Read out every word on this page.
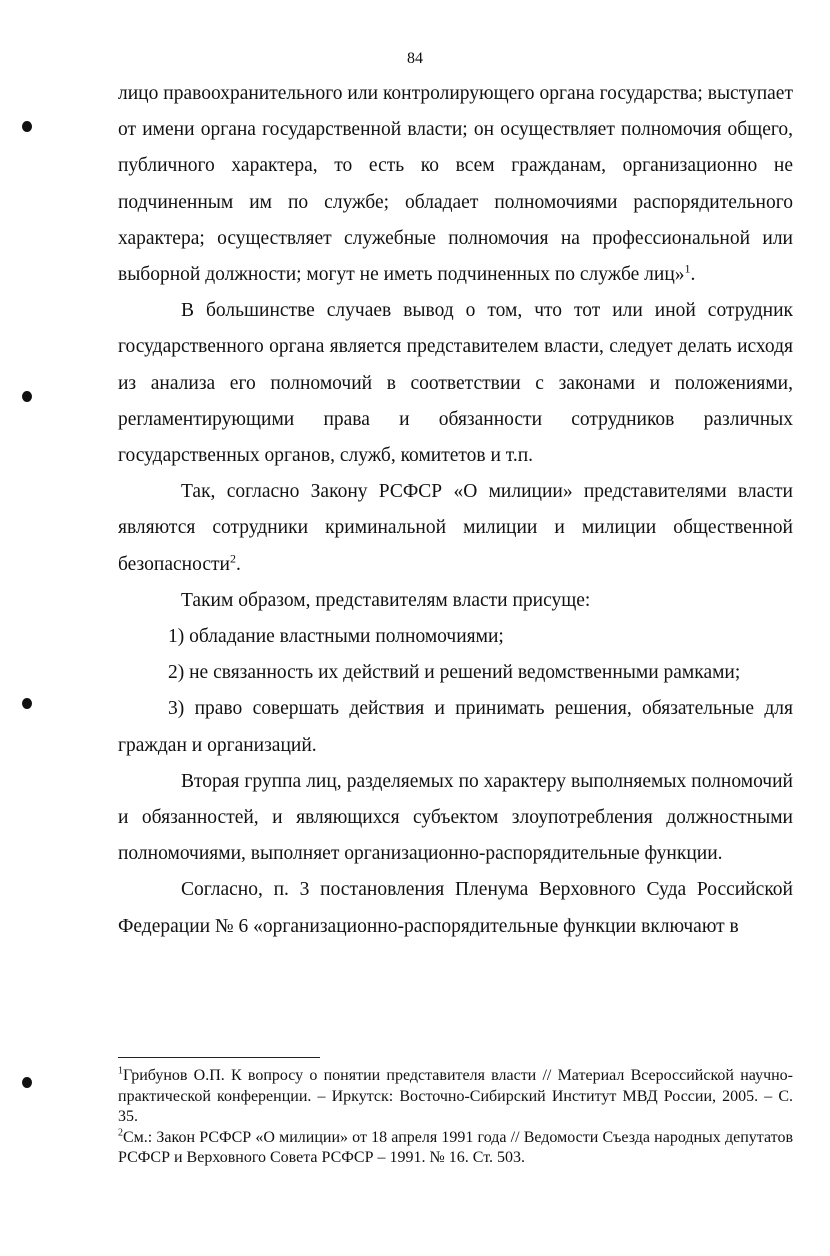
84

лицо правоохранительного или контролирующего органа государства; выступает от имени органа государственной власти; он осуществляет полномочия общего, публичного характера, то есть ко всем гражданам, организационно не подчиненным им по службе; обладает полномочиями распорядительного характера; осуществляет служебные полномочия на профессиональной или выборной должности; могут не иметь подчиненных по службе лиц»$^1$.

В большинстве случаев вывод о том, что тот или иной сотрудник государственного органа является представителем власти, следует делать исходя из анализа его полномочий в соответствии с законами и положениями, регламентирующими права и обязанности сотрудников различных государственных органов, служб, комитетов и т.п.

Так, согласно Закону РСФСР «О милиции» представителями власти являются сотрудники криминальной милиции и милиции общественной безопасности$^2$.

Таким образом, представителям власти присуще:

1) обладание властными полномочиями;

2) не связанность их действий и решений ведомственными рамками;

3) право совершать действия и принимать решения, обязательные для граждан и организаций.

Вторая группа лиц, разделяемых по характеру выполняемых полномочий и обязанностей, и являющихся субъектом злоупотребления должностными полномочиями, выполняет организационно-распорядительные функции.

Согласно, п. 3 постановления Пленума Верховного Суда Российской Федерации № 6 «организационно-распорядительные функции включают в

$^1$Грибунов О.П. К вопросу о понятии представителя власти // Материал Всероссийской научно-практической конференции. – Иркутск: Восточно-Сибирский Институт МВД России, 2005. – С. 35.

$^2$См.: Закон РСФСР «О милиции» от 18 апреля 1991 года // Ведомости Съезда народных депутатов РСФСР и Верховного Совета РСФСР – 1991. № 16. Ст. 503.
